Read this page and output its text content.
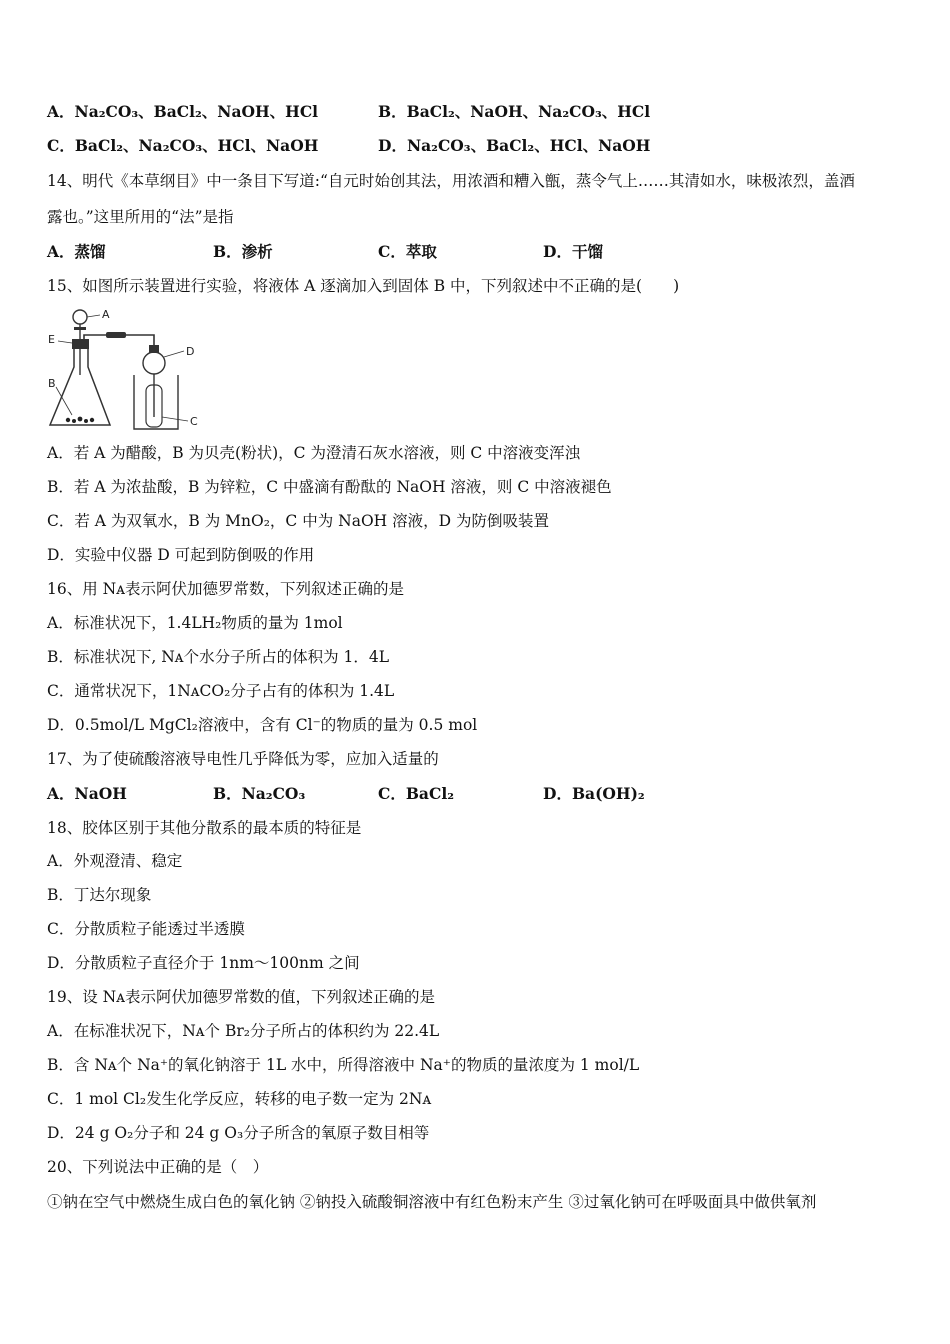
A．Na₂CO₃、BaCl₂、NaOH、HCl	B．BaCl₂、NaOH、Na₂CO₃、HCl
C．BaCl₂、Na₂CO₃、HCl、NaOH	D．Na₂CO₃、BaCl₂、HCl、NaOH
14、明代《本草纲目》中一条目下写道:“自元时始创其法，用浓酒和糟入甑，蒸令气上……其清如水，味极浓烈，盖酒
露也。”这里所用的“法”是指
A．蒸馏	B．渗析	C．萃取	D．干馏
15、如图所示装置进行实验，将液体 A 逐滴加入到固体 B 中，下列叙述中不正确的是(　　)
A
E
B
D
C
A．若 A 为醋酸，B 为贝壳(粉状)，C 为澄清石灰水溶液，则 C 中溶液变浑浊
B．若 A 为浓盐酸，B 为锌粒，C 中盛滴有酚酞的 NaOH 溶液，则 C 中溶液褪色
C．若 A 为双氧水，B 为 MnO₂，C 中为 NaOH 溶液，D 为防倒吸装置
D．实验中仪器 D 可起到防倒吸的作用
16、用 Nᴀ表示阿伏加德罗常数，下列叙述正确的是
A．标准状况下，1.4LH₂物质的量为 1mol
B．标准状况下, Nᴀ个水分子所占的体积为 1．4L
C．通常状况下，1NᴀCO₂分子占有的体积为 1.4L
D．0.5mol/L MgCl₂溶液中，含有 Cl⁻的物质的量为 0.5 mol
17、为了使硫酸溶液导电性几乎降低为零，应加入适量的
A．NaOH	B．Na₂CO₃	C．BaCl₂	D．Ba(OH)₂
18、胶体区别于其他分散系的最本质的特征是
A．外观澄清、稳定
B．丁达尔现象
C．分散质粒子能透过半透膜
D．分散质粒子直径介于 1nm～100nm 之间
19、设 Nᴀ表示阿伏加德罗常数的值，下列叙述正确的是
A．在标准状况下，Nᴀ个 Br₂分子所占的体积约为 22.4L
B．含 Nᴀ个 Na⁺的氧化钠溶于 1L 水中，所得溶液中 Na⁺的物质的量浓度为 1 mol/L
C．1 mol Cl₂发生化学反应，转移的电子数一定为 2Nᴀ
D．24 g O₂分子和 24 g O₃分子所含的氧原子数目相等
20、下列说法中正确的是（　）
①钠在空气中燃烧生成白色的氧化钠 ②钠投入硫酸铜溶液中有红色粉末产生 ③过氧化钠可在呼吸面具中做供氧剂
